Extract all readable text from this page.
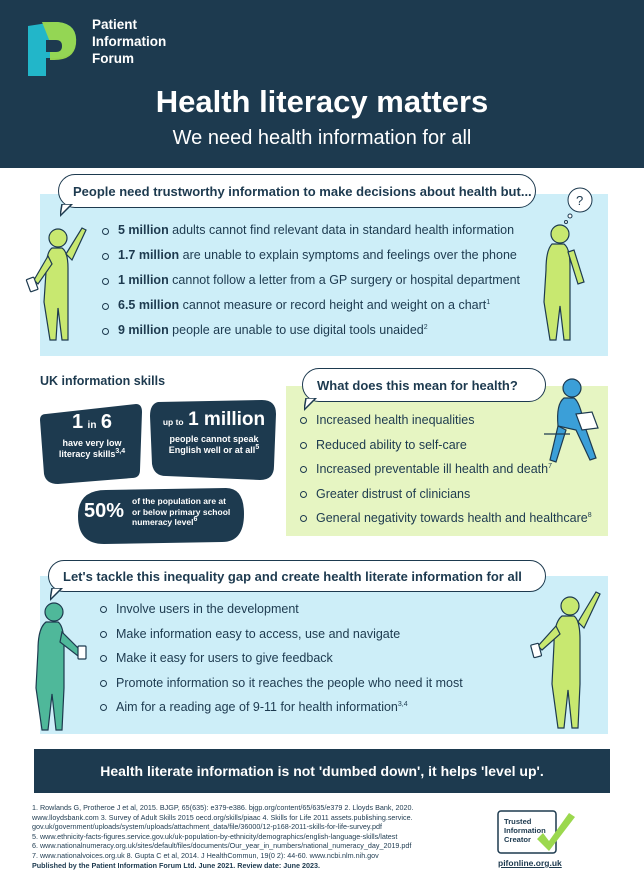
Patient
Information
Forum
Health literacy matters
We need health information for all
People need trustworthy information to make decisions about health but...
5 million adults cannot find relevant data in standard health information
1.7 million are unable to explain symptoms and feelings over the phone
1 million cannot follow a letter from a GP surgery or hospital department
6.5 million cannot measure or record height and weight on a chart$^1$
9 million people are unable to use digital tools unaided$^2$
?
UK information skills
1 in 6
have very low
literacy skills$^{3,4}$
up to 1 million
people cannot speak
English well or at all$^5$
50% of the population are at
or below primary school
numeracy level$^6$
What does this mean for health?
Increased health inequalities
Reduced ability to self-care
Increased preventable ill health and death$^7$
Greater distrust of clinicians
General negativity towards health and healthcare$^8$
Let's tackle this inequality gap and create health literate information for all
Involve users in the development
Make information easy to access, use and navigate
Make it easy for users to give feedback
Promote information so it reaches the people who need it most
Aim for a reading age of 9-11 for health information$^{3,4}$
Health literate information is not 'dumbed down', it helps 'level up'.

1. Rowlands G, Protheroe J et al, 2015. BJGP, 65(635): e379-e386. bjgp.org/content/65/635/e379 2. Lloyds Bank, 2020.

www.lloydsbank.com 3. Survey of Adult Skills 2015 oecd.org/skills/piaac 4. Skills for Life 2011 assets.publishing.service.

gov.uk/government/uploads/system/uploads/attachment_data/file/36000/12-p168-2011-skills-for-life-survey.pdf

5. www.ethnicity-facts-figures.service.gov.uk/uk-population-by-ethnicity/demographics/english-language-skills/latest

6. www.nationalnumeracy.org.uk/sites/default/files/documents/Our_year_in_numbers/national_numeracy_day_2019.pdf

7. www.nationalvoices.org.uk 8. Gupta C et al, 2014. J HealthCommun, 19(0 2): 44-60. www.ncbi.nlm.nih.gov

Published by the Patient Information Forum Ltd. June 2021. Review date: June 2023.

Trusted
Information
Creator
pifonline.org.uk
